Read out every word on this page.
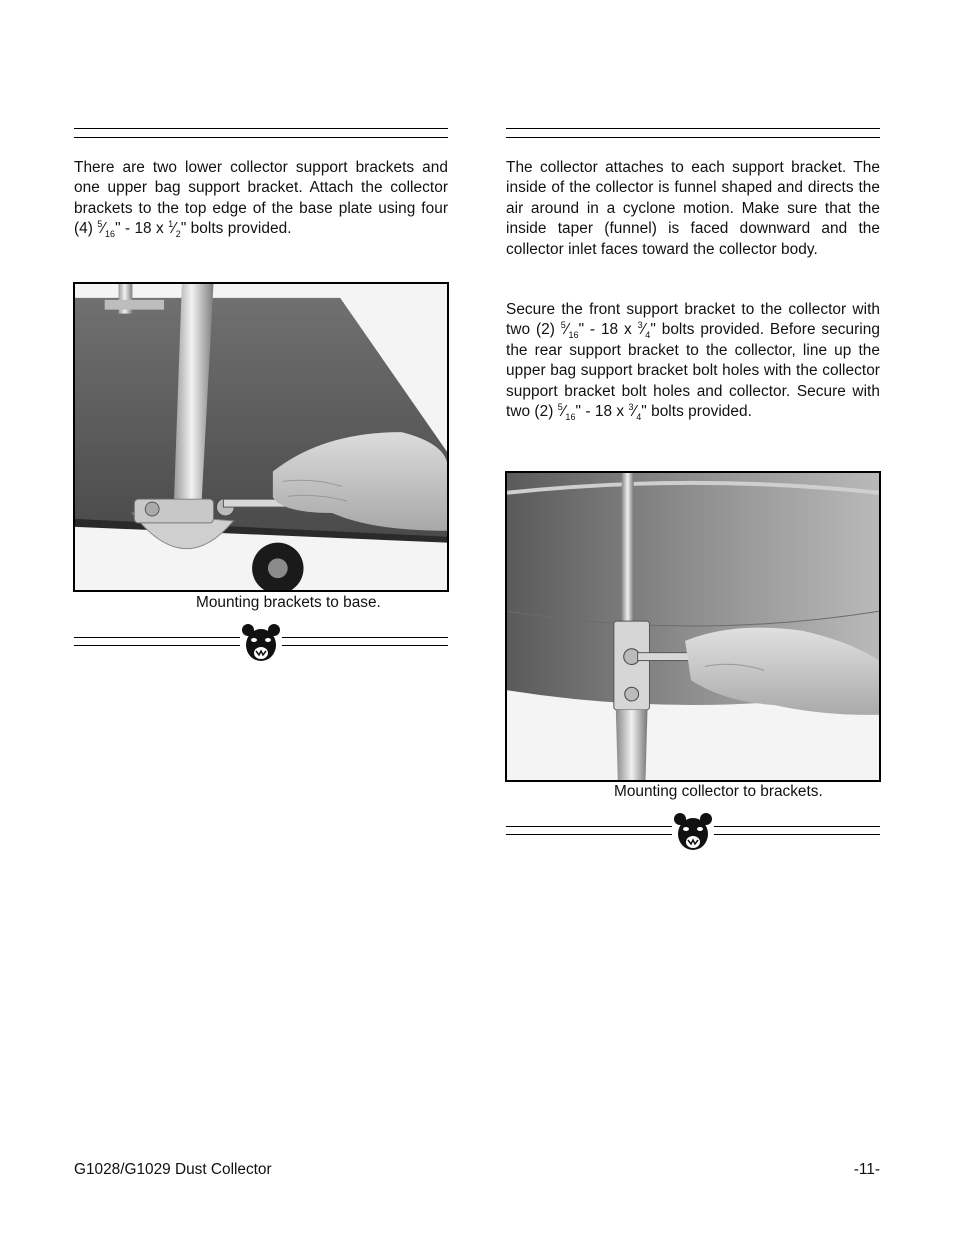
There are two lower collector support brackets and one upper bag support bracket. Attach the collector brackets to the top edge of the base plate using four (4) $^5⁄_{16}$" - 18 x $^1⁄_2$" bolts provided.

Mounting brackets to base.

The collector attaches to each support bracket. The inside of the collector is funnel shaped and directs the air around in a cyclone motion. Make sure that the inside taper (funnel) is faced downward and the collector inlet faces toward the collector body.

Secure the front support bracket to the collector with two (2) $^5⁄_{16}$" - 18 x $^3⁄_4$" bolts provided. Before securing the rear support bracket to the collector, line up the upper bag support bracket bolt holes with the collector support bracket bolt holes and collector. Secure with two (2) $^5⁄_{16}$" - 18 x $^3⁄_4$" bolts provided.

Mounting collector to brackets.
G1028/G1029 Dust Collector	-11-
